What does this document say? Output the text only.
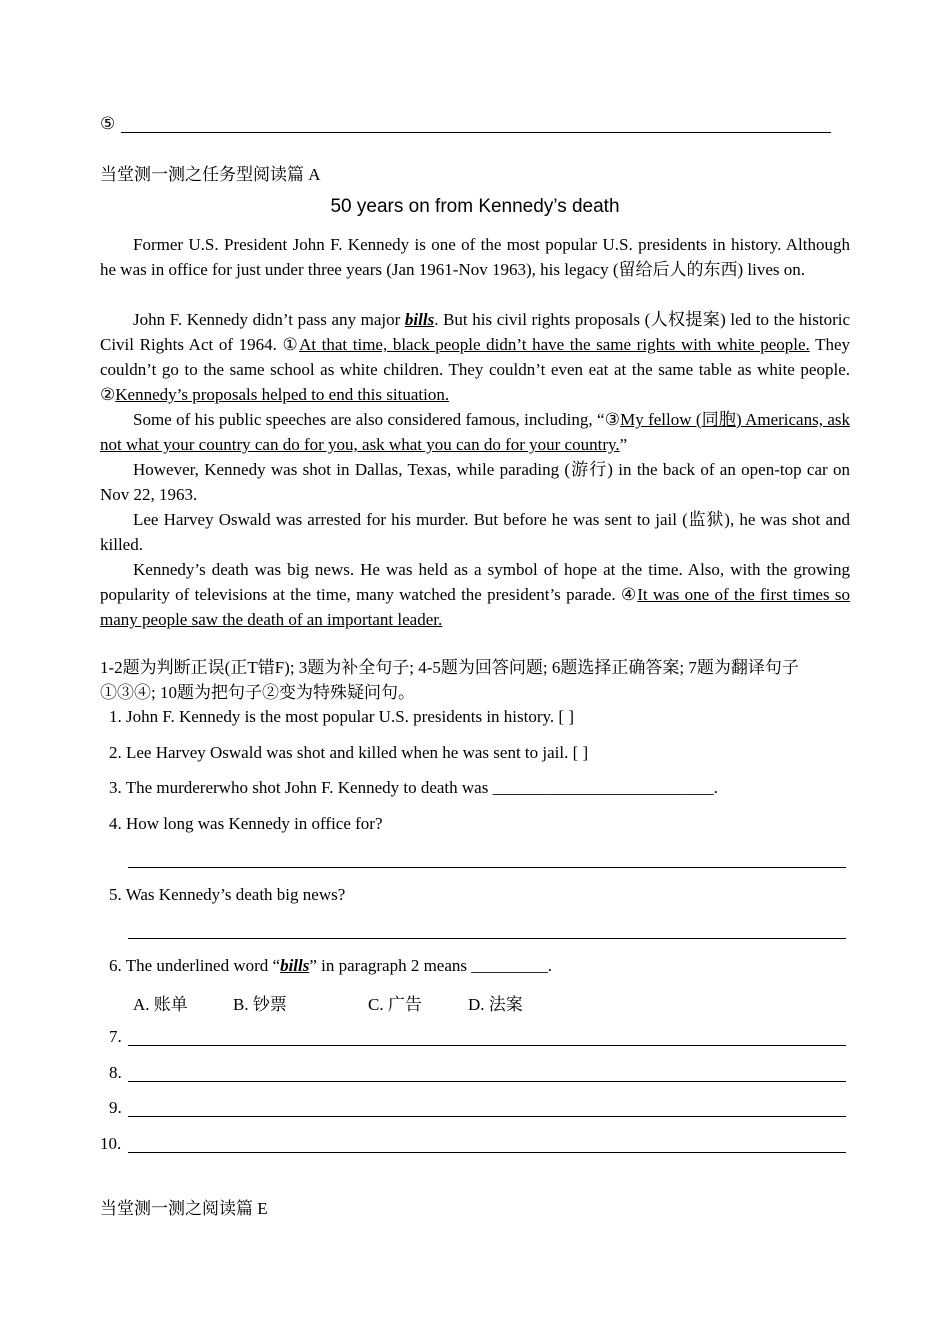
⑤
当堂测一测之任务型阅读篇 A
50 years on from Kennedy’s death

Former U.S. President John F. Kennedy is one of the most popular U.S. presidents in history. Although he was in office for just under three years (Jan 1961-Nov 1963), his legacy (留给后人的东西) lives on.

John F. Kennedy didn’t pass any major bills. But his civil rights proposals (人权提案) led to the historic Civil Rights Act of 1964. ①At that time, black people didn’t have the same rights with white people. They couldn’t go to the same school as white children. They couldn’t even eat at the same table as white people. ②Kennedy’s proposals helped to end this situation.

Some of his public speeches are also considered famous, including, “③My fellow (同胞) Americans, ask not what your country can do for you, ask what you can do for your country.”

However, Kennedy was shot in Dallas, Texas, while parading (游行) in the back of an open-top car on Nov 22, 1963.

Lee Harvey Oswald was arrested for his murder. But before he was sent to jail (监狱), he was shot and killed.

Kennedy’s death was big news. He was held as a symbol of hope at the time. Also, with the growing popularity of televisions at the time, many watched the president’s parade. ④It was one of the first times so many people saw the death of an important leader.

1-2题为判断正误(正T错F); 3题为补全句子; 4-5题为回答问题; 6题选择正确答案; 7题为翻译句子①③④; 10题为把句子②变为特殊疑问句。

1. John F. Kennedy is the most popular U.S. presidents in history. [ ]
2. Lee Harvey Oswald was shot and killed when he was sent to jail. [ ]
3. The murdererwho shot John F. Kennedy to death was __________________________.
4. How long was Kennedy in office for?
5. Was Kennedy’s death big news?
6. The underlined word “bills” in paragraph 2 means _________.
A. 账单	B. 钞票	C. 广告	D. 法案
7.
8.
9.
10.
当堂测一测之阅读篇 E
